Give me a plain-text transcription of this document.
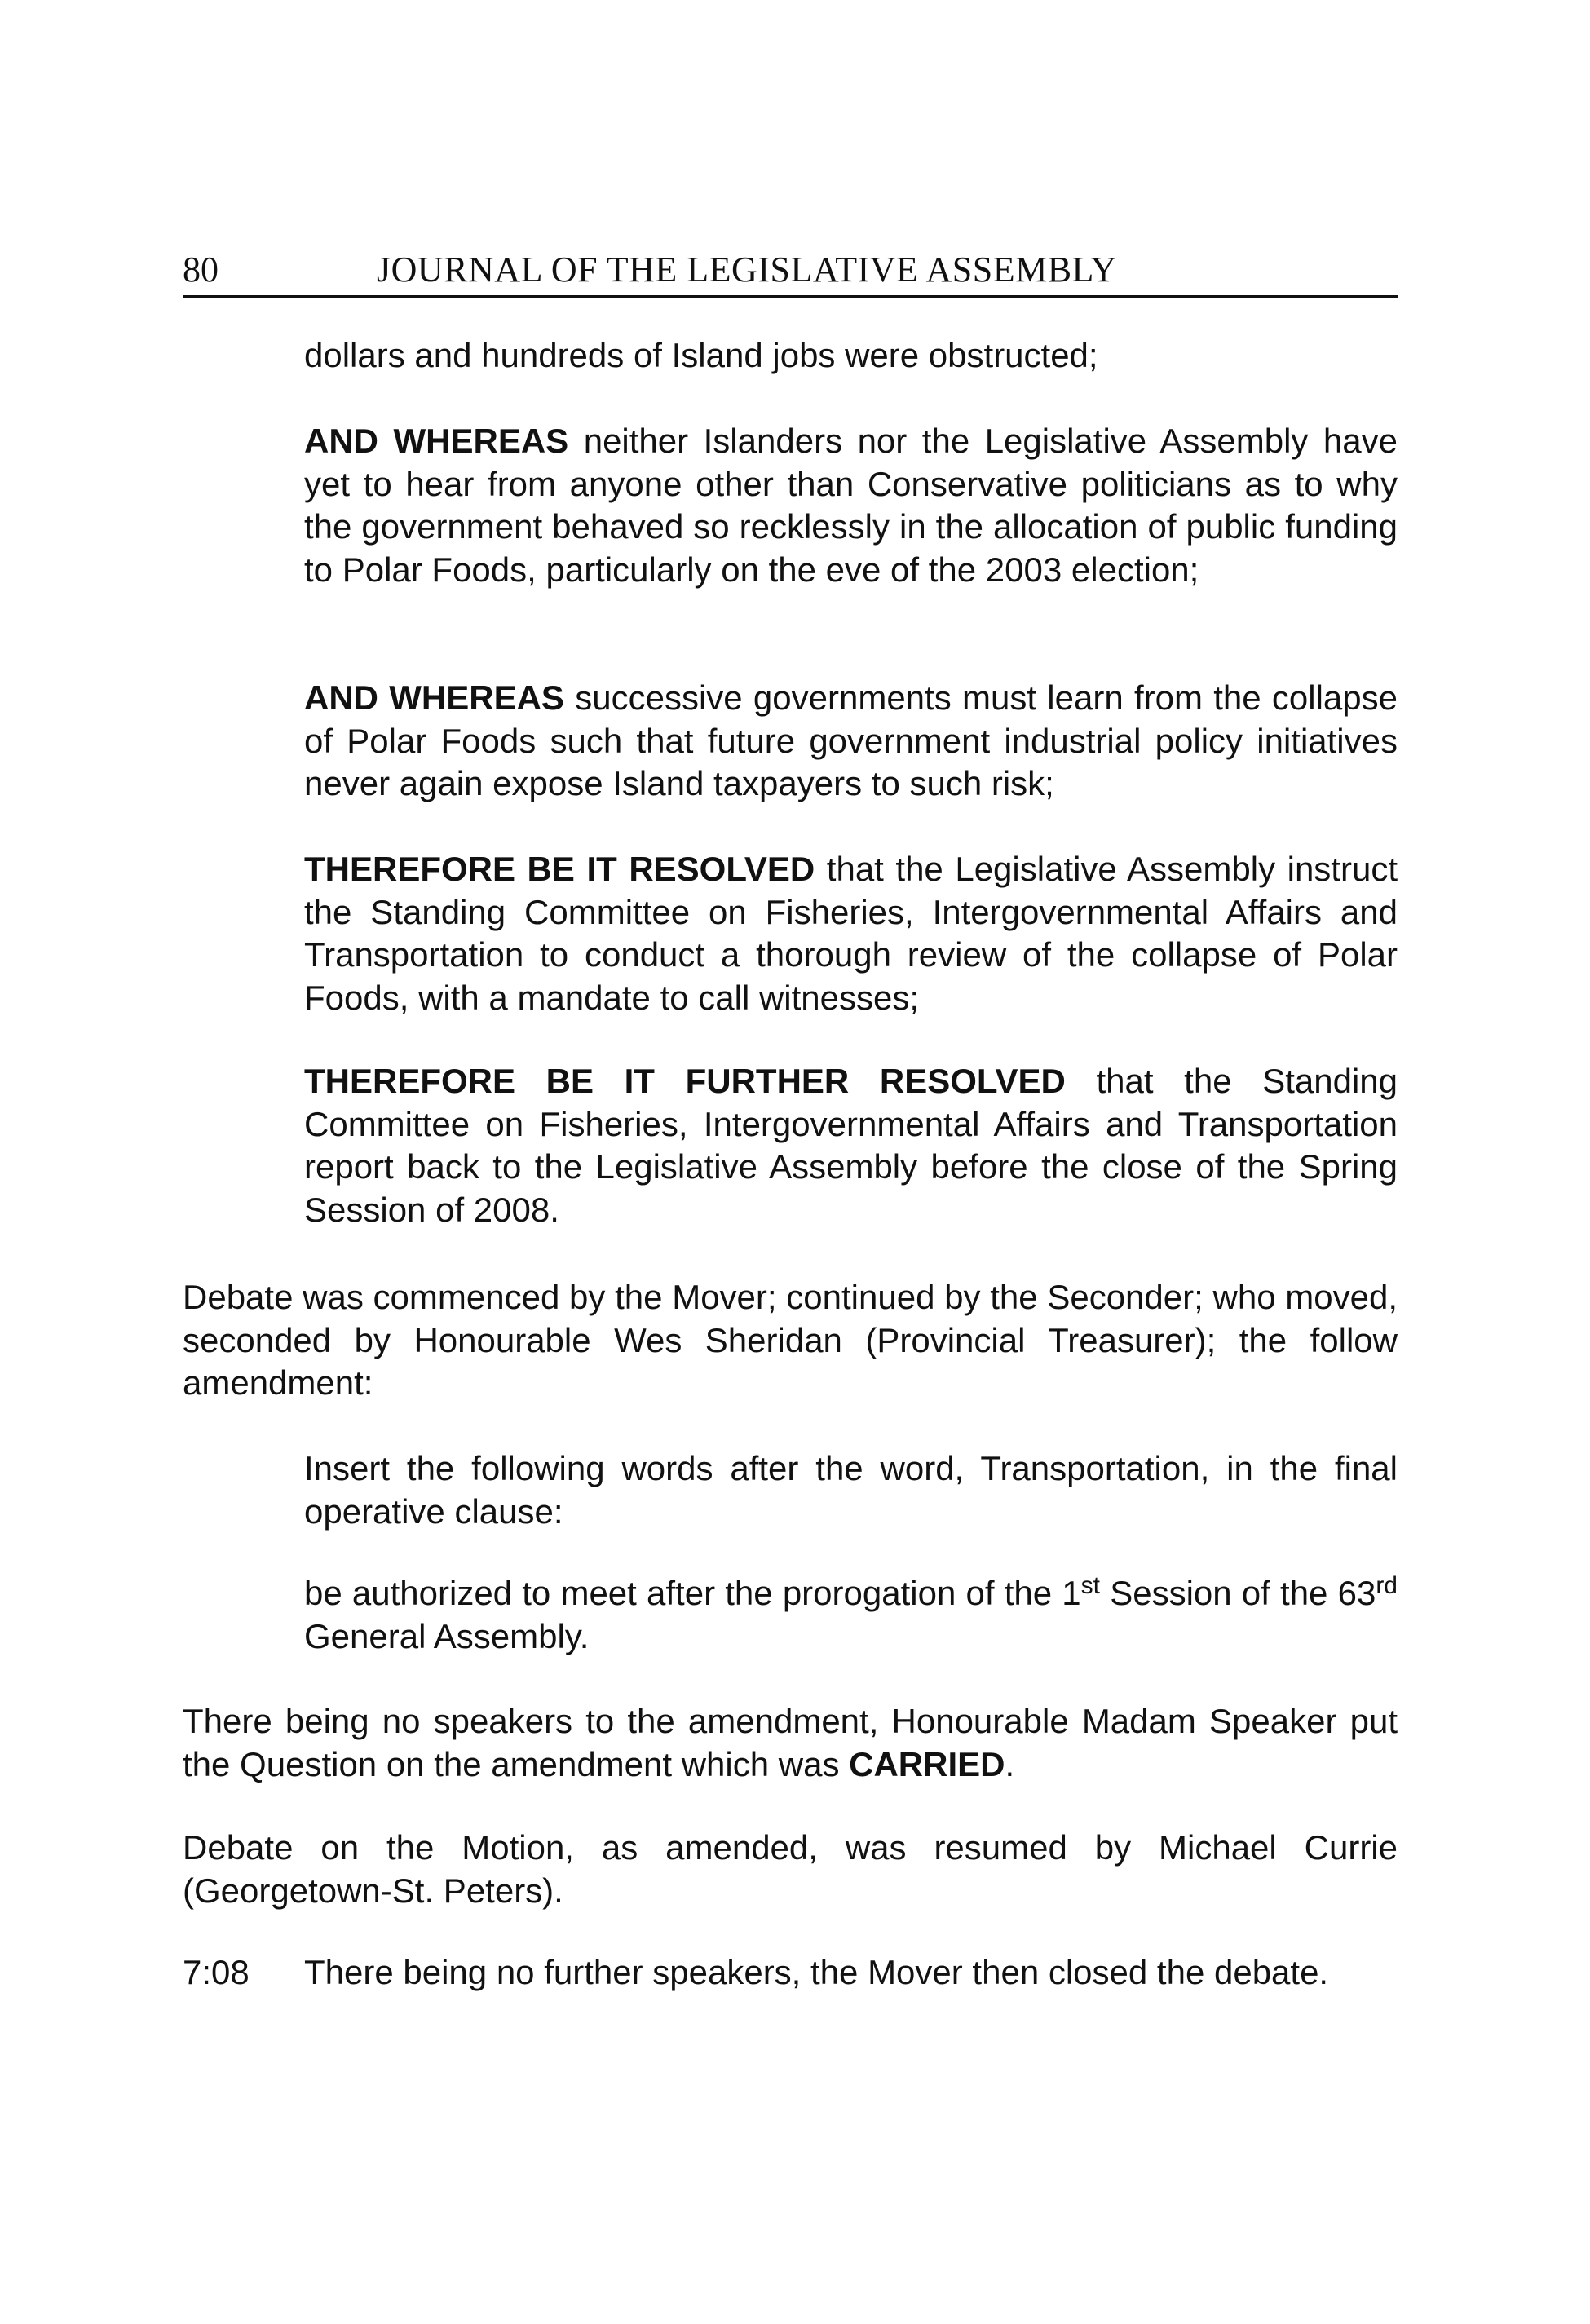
80	JOURNAL OF THE LEGISLATIVE ASSEMBLY

dollars and hundreds of Island jobs were obstructed;

AND WHEREAS neither Islanders nor the Legislative Assembly have yet to hear from anyone other than Conservative politicians as to why the government behaved so recklessly in the allocation of public funding to Polar Foods, particularly on the eve of the 2003 election;

AND WHEREAS successive governments must learn from the collapse of Polar Foods such that future government industrial policy initiatives never again expose Island taxpayers to such risk;

THEREFORE BE IT RESOLVED that the Legislative Assembly instruct the Standing Committee on Fisheries, Intergovernmental Affairs and Transportation to conduct a thorough review of the collapse of Polar Foods, with a mandate to call witnesses;

THEREFORE BE IT FURTHER RESOLVED that the Standing Committee on Fisheries, Intergovernmental Affairs and Transportation report back to the Legislative Assembly before the close of the Spring Session of 2008.

Debate was commenced by the Mover; continued by the Seconder; who moved, seconded by Honourable Wes Sheridan (Provincial Treasurer); the follow amendment:

Insert the following words after the word, Transportation, in the final operative clause:

be authorized to meet after the prorogation of the 1st Session of the 63rd General Assembly.

There being no speakers to the amendment, Honourable Madam Speaker put the Question on the amendment which was CARRIED.

Debate on the Motion, as amended, was resumed by Michael Currie (Georgetown-St. Peters).

7:08 There being no further speakers, the Mover then closed the debate.
